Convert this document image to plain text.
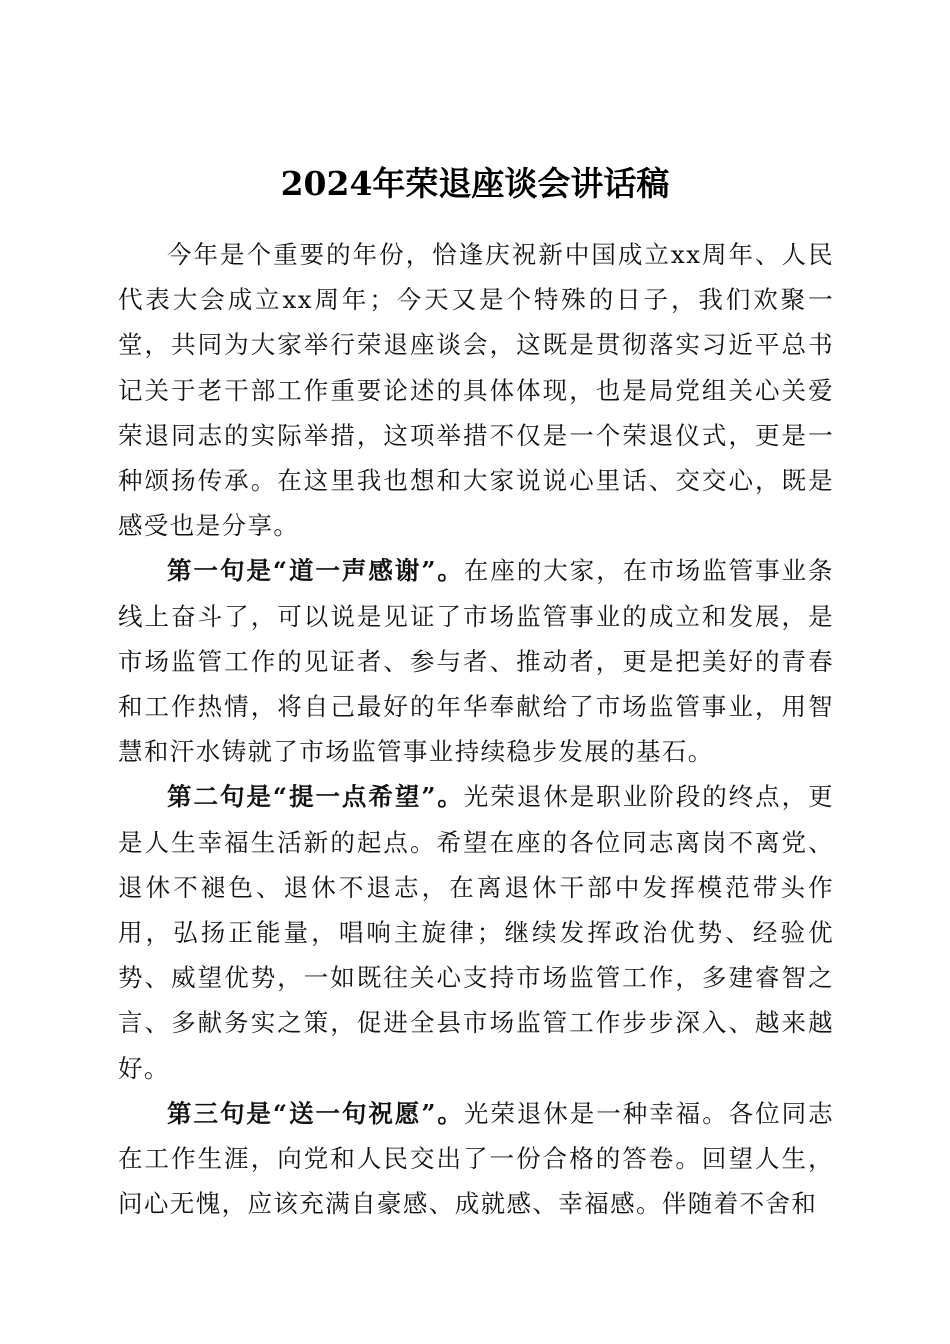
2024年荣退座谈会讲话稿

今年是个重要的年份，恰逢庆祝新中国成立xx周年、人民代表大会成立xx周年；今天又是个特殊的日子，我们欢聚一堂，共同为大家举行荣退座谈会，这既是贯彻落实习近平总书记关于老干部工作重要论述的具体体现，也是局党组关心关爱荣退同志的实际举措，这项举措不仅是一个荣退仪式，更是一种颂扬传承。在这里我也想和大家说说心里话、交交心，既是感受也是分享。

第一句是“道一声感谢”。在座的大家，在市场监管事业条线上奋斗了，可以说是见证了市场监管事业的成立和发展，是市场监管工作的见证者、参与者、推动者，更是把美好的青春和工作热情，将自己最好的年华奉献给了市场监管事业，用智慧和汗水铸就了市场监管事业持续稳步发展的基石。

第二句是“提一点希望”。光荣退休是职业阶段的终点，更是人生幸福生活新的起点。希望在座的各位同志离岗不离党、退休不褪色、退休不退志，在离退休干部中发挥模范带头作用，弘扬正能量，唱响主旋律；继续发挥政治优势、经验优势、威望优势，一如既往关心支持市场监管工作，多建睿智之言、多献务实之策，促进全县市场监管工作步步深入、越来越好。

第三句是“送一句祝愿”。光荣退休是一种幸福。各位同志在工作生涯，向党和人民交出了一份合格的答卷。回望人生，问心无愧，应该充满自豪感、成就感、幸福感。伴随着不舍和
